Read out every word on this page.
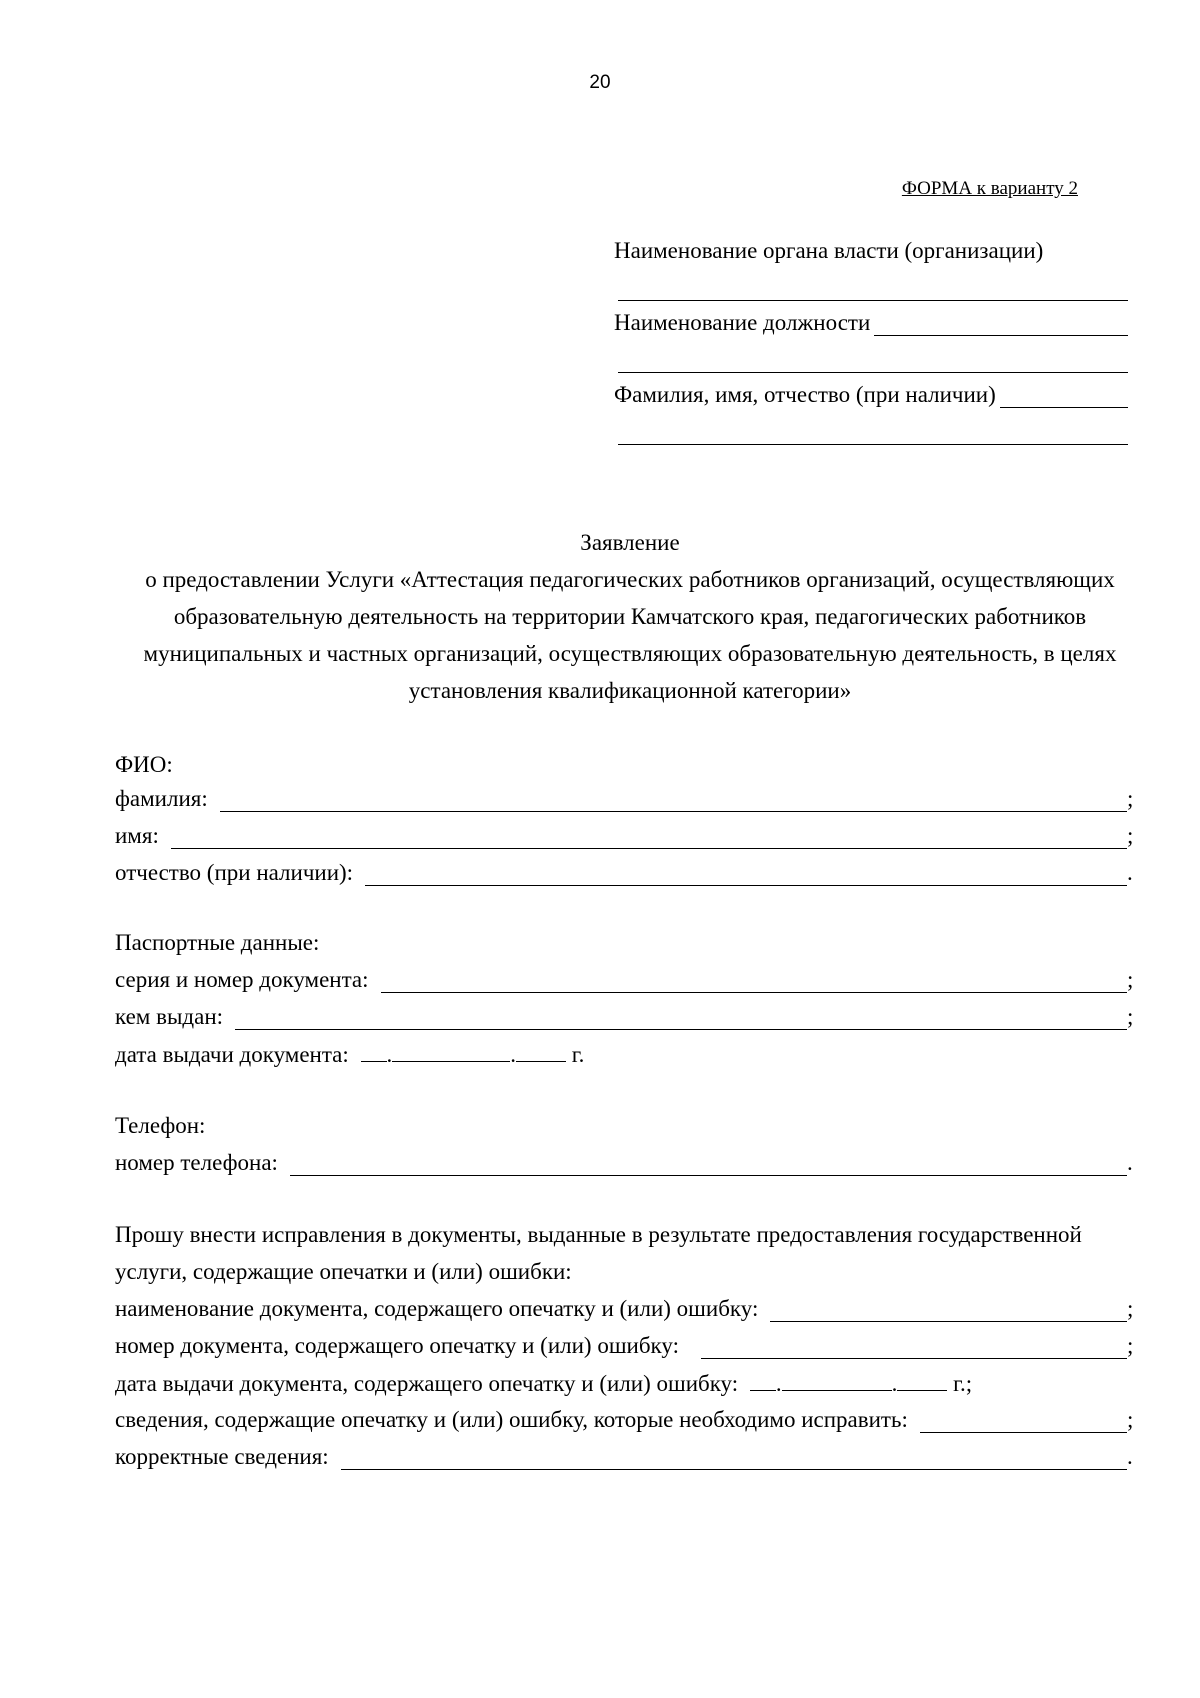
20
ФОРМА к варианту 2
Наименование органа власти (организации)
Наименование должности
Фамилия, имя, отчество (при наличии)
Заявление
о предоставлении Услуги «Аттестация педагогических работников организаций, осуществляющих
образовательную деятельность на территории Камчатского края, педагогических работников
муниципальных и частных организаций, осуществляющих образовательную деятельность, в целях
установления квалификационной категории»
ФИО:
фамилия:	;
имя:	;
отчество (при наличии):	.
Паспортные данные:
серия и номер документа:	;
кем выдан:	;
дата выдачи документа: .	. г.
Телефон:
номер телефона:	.
Прошу внести исправления в документы, выданные в результате предоставления государственной
услуги, содержащие опечатки и (или) ошибки:
наименование документа, содержащего опечатку и (или) ошибку:	;
номер документа, содержащего опечатку и (или) ошибку:	;
дата выдачи документа, содержащего опечатку и (или) ошибку: .	. г.;
сведения, содержащие опечатку и (или) ошибку, которые необходимо исправить:	;
корректные сведения:	.
